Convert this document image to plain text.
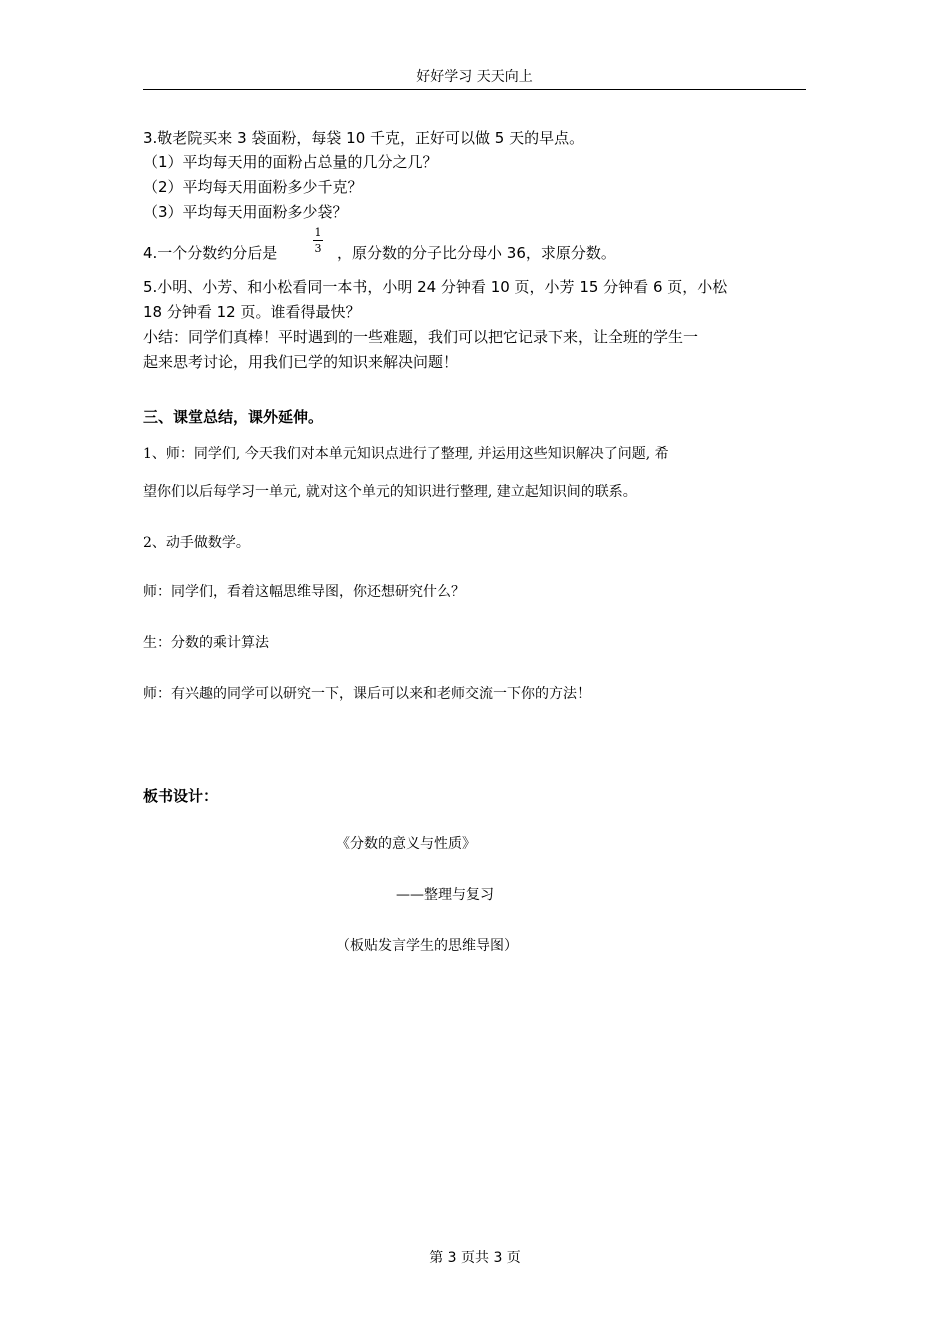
好好学习 天天向上
3.敬老院买来 3 袋面粉，每袋 10 千克，正好可以做 5 天的早点。
（1）平均每天用的面粉占总量的几分之几？
（2）平均每天用面粉多少千克？
（3）平均每天用面粉多少袋？
4.一个分数约分后是
1
3 ，原分数的分子比分母小 36，求原分数。
5.小明、小芳、和小松看同一本书，小明 24 分钟看 10 页，小芳 15 分钟看 6 页，小松
18 分钟看 12 页。谁看得最快？
小结：同学们真棒！平时遇到的一些难题，我们可以把它记录下来，让全班的学生一
起来思考讨论，用我们已学的知识来解决问题！
三、课堂总结，课外延伸。
1、师：同学们, 今天我们对本单元知识点进行了整理, 并运用这些知识解决了问题, 希
望你们以后每学习一单元, 就对这个单元的知识进行整理, 建立起知识间的联系。
2、动手做数学。
师：同学们，看着这幅思维导图，你还想研究什么？
生：分数的乘计算法
师：有兴趣的同学可以研究一下，课后可以来和老师交流一下你的方法！
板书设计：
《分数的意义与性质》
——整理与复习
（板贴发言学生的思维导图）
第 3 页共 3 页
